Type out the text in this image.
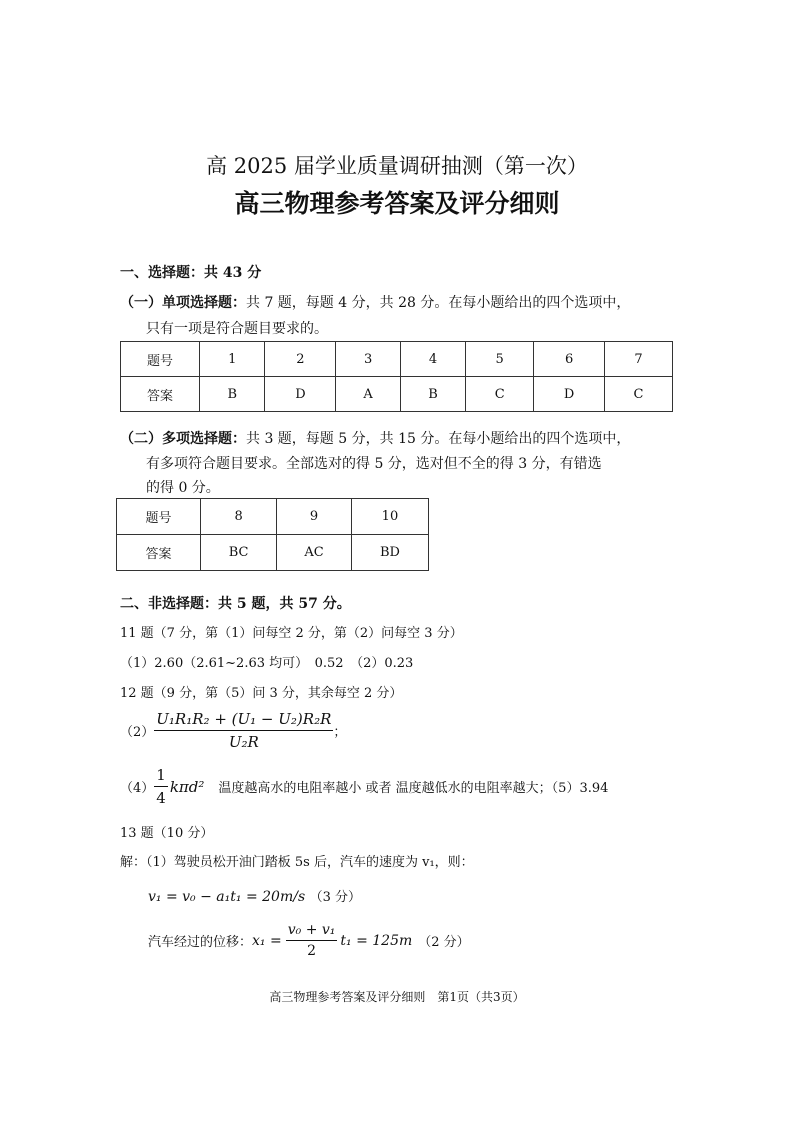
高 2025 届学业质量调研抽测（第一次）
高三物理参考答案及评分细则
一、选择题：共 43 分
（一）单项选择题：共 7 题，每题 4 分，共 28 分。在每小题给出的四个选项中，
只有一项是符合题目要求的。
题号	1	2	3	4	5	6	7
答案	B	D	A	B	C	D	C
（二）多项选择题：共 3 题，每题 5 分，共 15 分。在每小题给出的四个选项中，
有多项符合题目要求。全部选对的得 5 分，选对但不全的得 3 分，有错选
的得 0 分。
题号	8	9	10
答案	BC	AC	BD
二、非选择题：共 5 题，共 57 分。
11 题（7 分，第（1）问每空 2 分，第（2）问每空 3 分）
（1）2.60（2.61~2.63 均可）　0.52　（2）0.23
12 题（9 分，第（5）问 3 分，其余每空 2 分）
$(2) \frac{\text{U₁R₁R₂ + (U₁ − U₂)R₂R}}{\text{U₂R}}$ ；
$(4) \frac{1}{4} k\pi d^2$ 温度越高水的电阻率越小 或者 温度越低水的电阻率越大；（5）3.94
13 题（10 分）
解：（1）驾驶员松开油门踏板 5s 后，汽车的速度为 v₁，则：
v₁ = v₀ − a₁t₁ = 20m/s （3 分）
汽车经过的位移： $x_1 = \frac{\text{v₀ + v₁}}{2} t_1 = 125m$ （2 分）
高三物理参考答案及评分细则　第1页（共3页）
